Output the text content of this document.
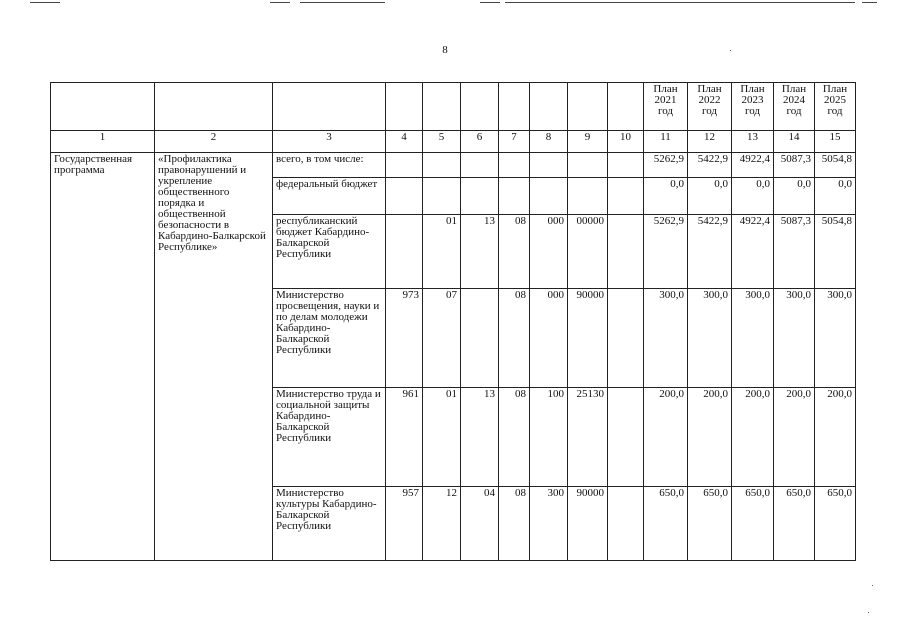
8
										План
2021
год	План
2022
год	План
2023
год	План
2024
год	План
2025
год
1	2	3	4	5	6	7	8	9	10	11	12	13	14	15
Государственная программа	«Профилактика правонарушений и укрепление общественного порядка и общественной безопасности в Кабардино-Балкарской Республике»	всего, в том числе:								5262,9	5422,9	4922,4	5087,3	5054,8
		федеральный бюджет								0,0	0,0	0,0	0,0	0,0
		республиканский бюджет Кабардино-Балкарской Республики		01	13	08	000	00000		5262,9	5422,9	4922,4	5087,3	5054,8
		Министерство просвещения, науки и по делам молодежи Кабардино-Балкарской Республики	973	07		08	000	90000		300,0	300,0	300,0	300,0	300,0
		Министерство труда и социальной защиты Кабардино-Балкарской Республики	961	01	13	08	100	25130		200,0	200,0	200,0	200,0	200,0
		Министерство культуры Кабардино-Балкарской Республики	957	12	04	08	300	90000		650,0	650,0	650,0	650,0	650,0
